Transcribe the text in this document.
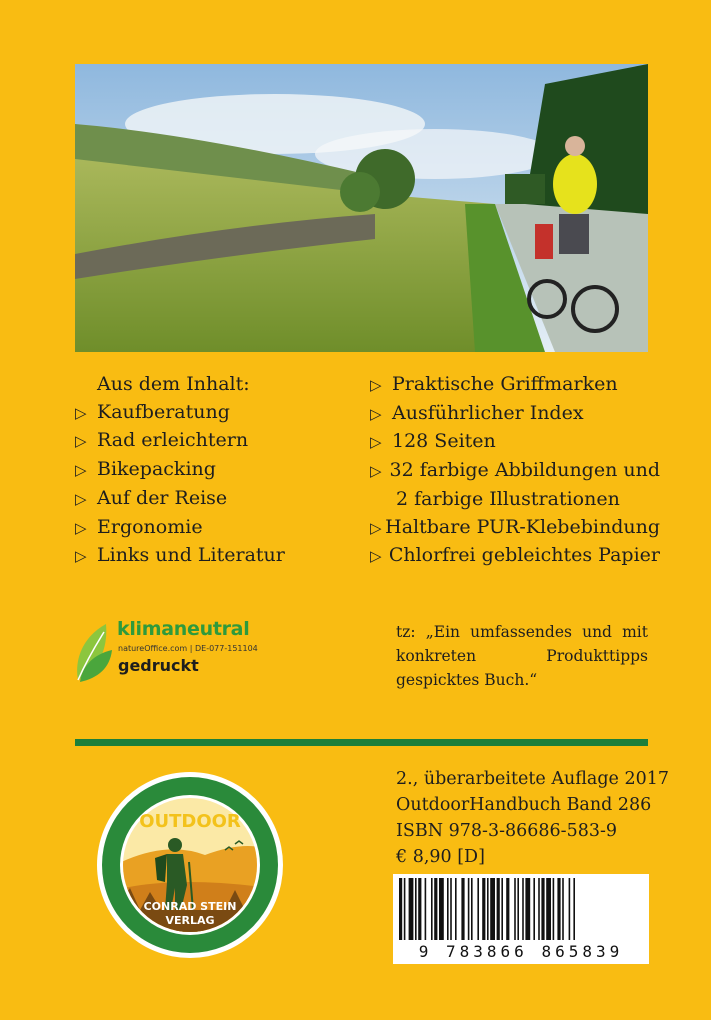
Aus dem Inhalt:
▷ Kaufberatung
▷ Rad erleichtern
▷ Bikepacking
▷ Auf der Reise
▷ Ergonomie
▷ Links und Literatur
▷ Praktische Griffmarken
▷ Ausführlicher Index
▷ 128 Seiten
▷ 32 farbige Abbildungen und
2 farbige Illustrationen
▷ Haltbare PUR-Klebebindung
▷ Chlorfrei gebleichtes Papier
klimaneutral
natureOffice.com | DE-077-151104
gedruckt
tz: „Ein umfassendes und mit konkreten Produkttipps gespicktes Buch.“
OUTDOOR
CONRAD STEIN
VERLAG
2., überarbeitete Auflage 2017
OutdoorHandbuch Band 286
ISBN 978-3-86686-583-9
€ 8,90 [D]
9 783866 865839
